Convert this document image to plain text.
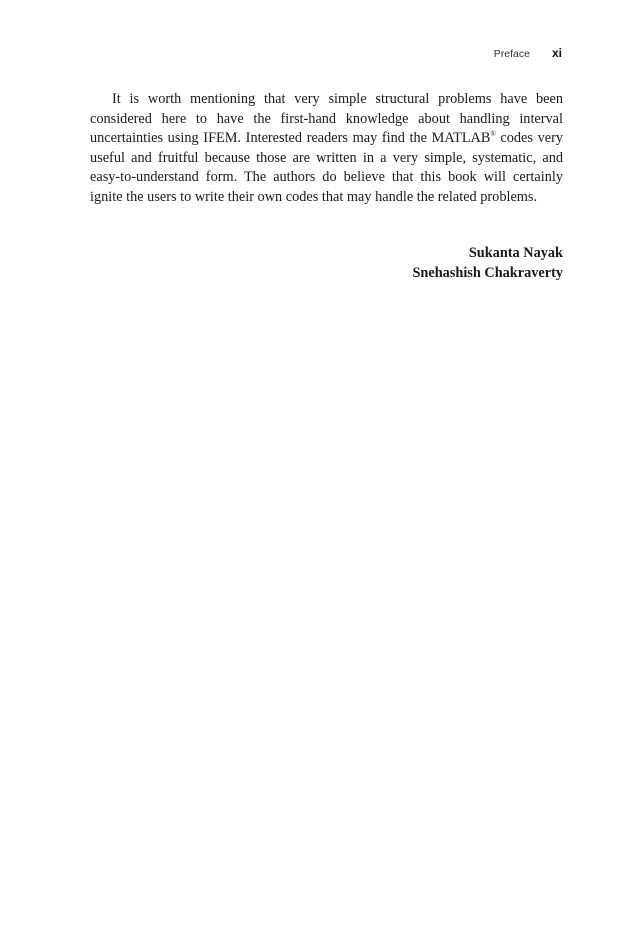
Preface xi

It is worth mentioning that very simple structural problems have been considered here to have the first-hand knowledge about handling interval uncertainties using IFEM. Interested readers may find the MATLAB® codes very useful and fruitful because those are written in a very simple, systematic, and easy-to-understand form. The authors do believe that this book will certainly ignite the users to write their own codes that may handle the related problems.

Sukanta Nayak
Snehashish Chakraverty
